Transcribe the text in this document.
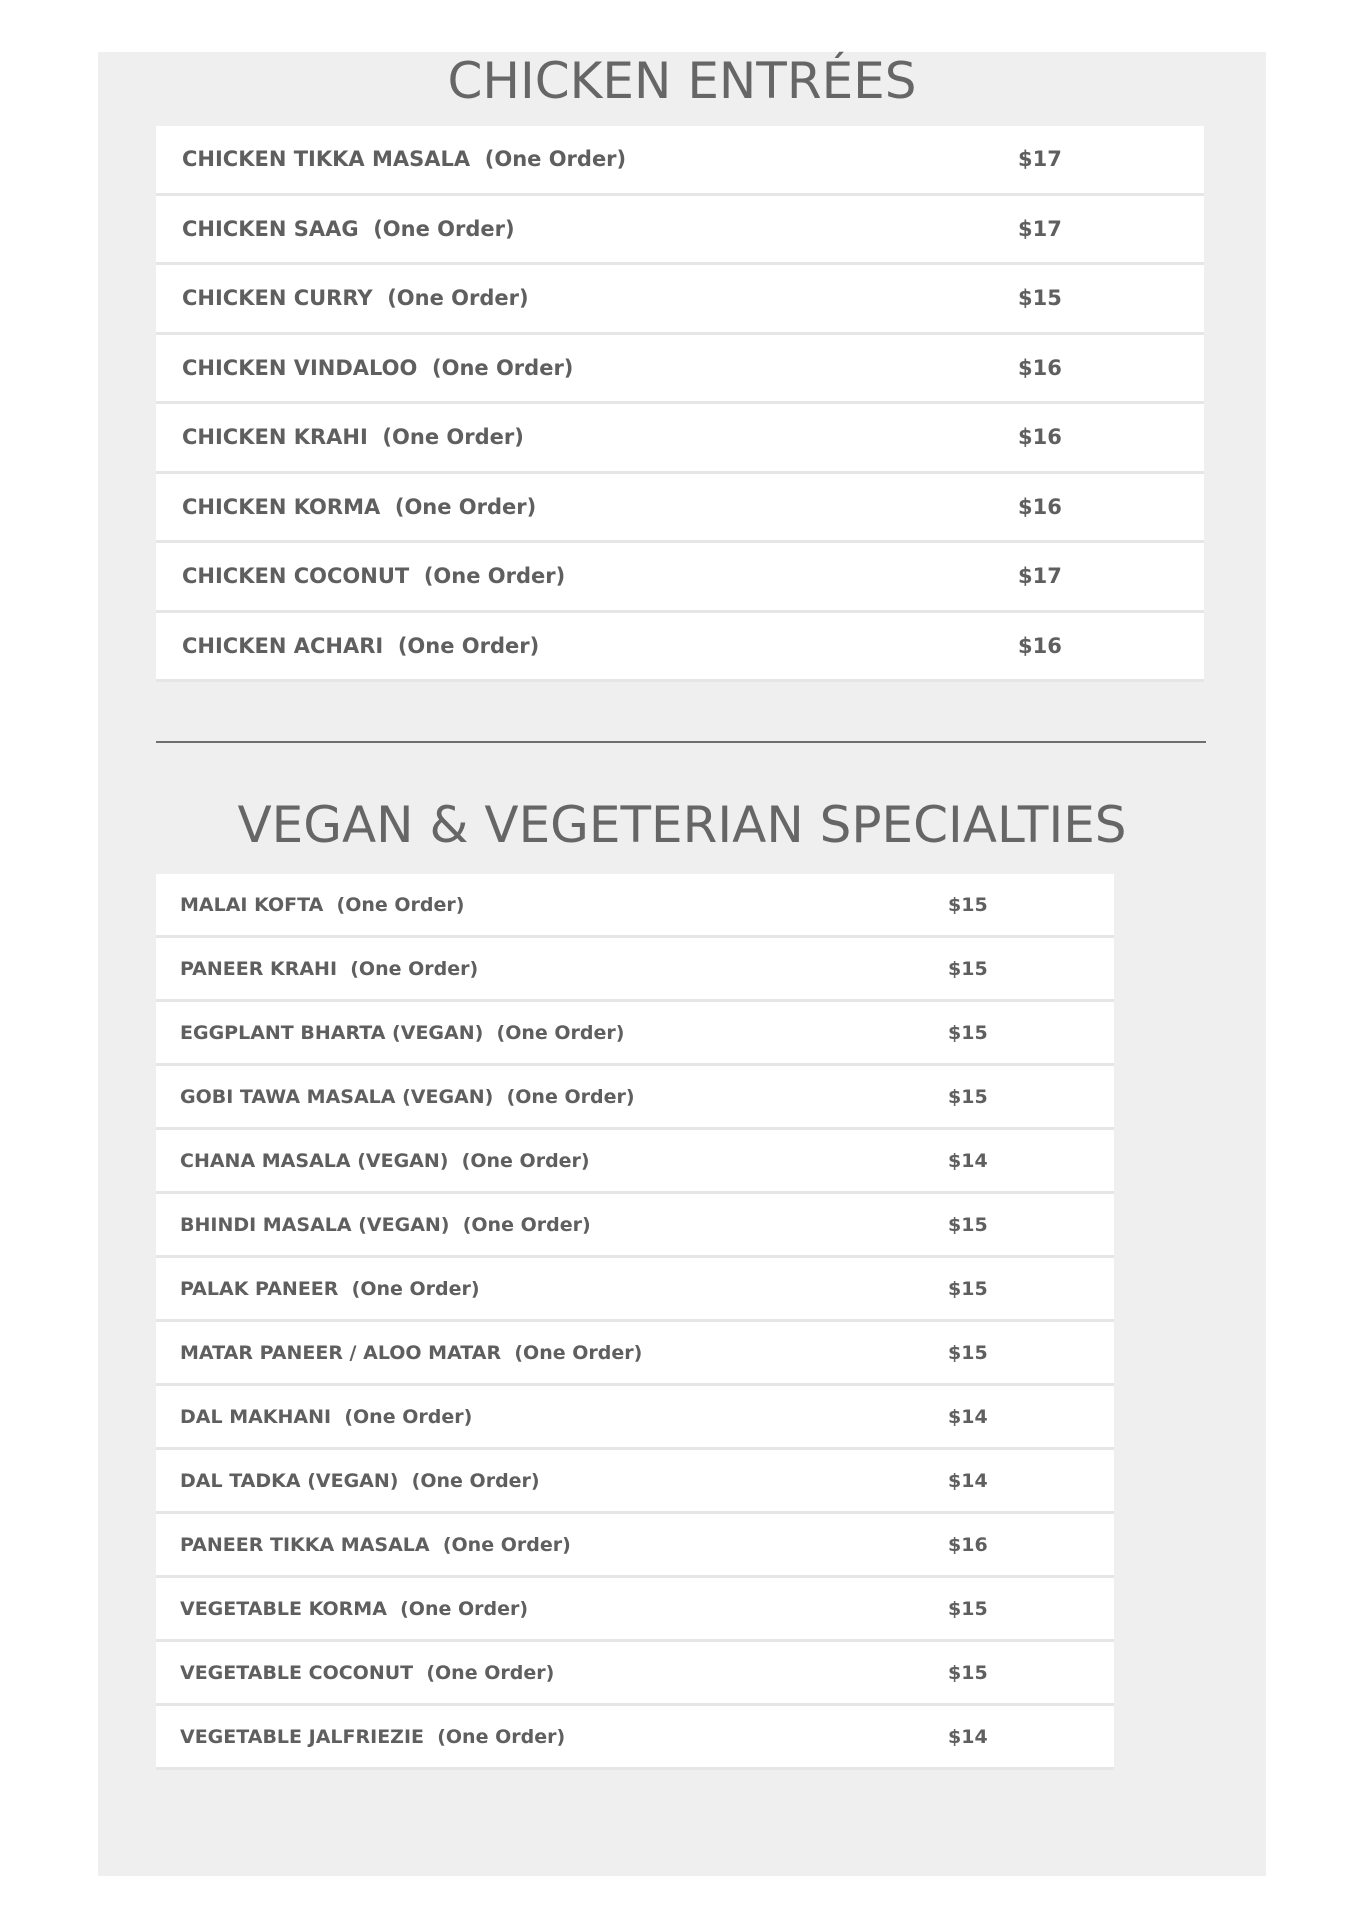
CHICKEN ENTRÉES
CHICKEN TIKKA MASALA  (One Order)	$17
CHICKEN SAAG  (One Order)	$17
CHICKEN CURRY  (One Order)	$15
CHICKEN VINDALOO  (One Order)	$16
CHICKEN KRAHI  (One Order)	$16
CHICKEN KORMA  (One Order)	$16
CHICKEN COCONUT  (One Order)	$17
CHICKEN ACHARI  (One Order)	$16
VEGAN & VEGETERIAN SPECIALTIES
MALAI KOFTA  (One Order)	$15
PANEER KRAHI  (One Order)	$15
EGGPLANT BHARTA (VEGAN)  (One Order)	$15
GOBI TAWA MASALA (VEGAN)  (One Order)	$15
CHANA MASALA (VEGAN)  (One Order)	$14
BHINDI MASALA (VEGAN)  (One Order)	$15
PALAK PANEER  (One Order)	$15
MATAR PANEER / ALOO MATAR  (One Order)	$15
DAL MAKHANI  (One Order)	$14
DAL TADKA (VEGAN)  (One Order)	$14
PANEER TIKKA MASALA  (One Order)	$16
VEGETABLE KORMA  (One Order)	$15
VEGETABLE COCONUT  (One Order)	$15
VEGETABLE JALFRIEZIE  (One Order)	$14
